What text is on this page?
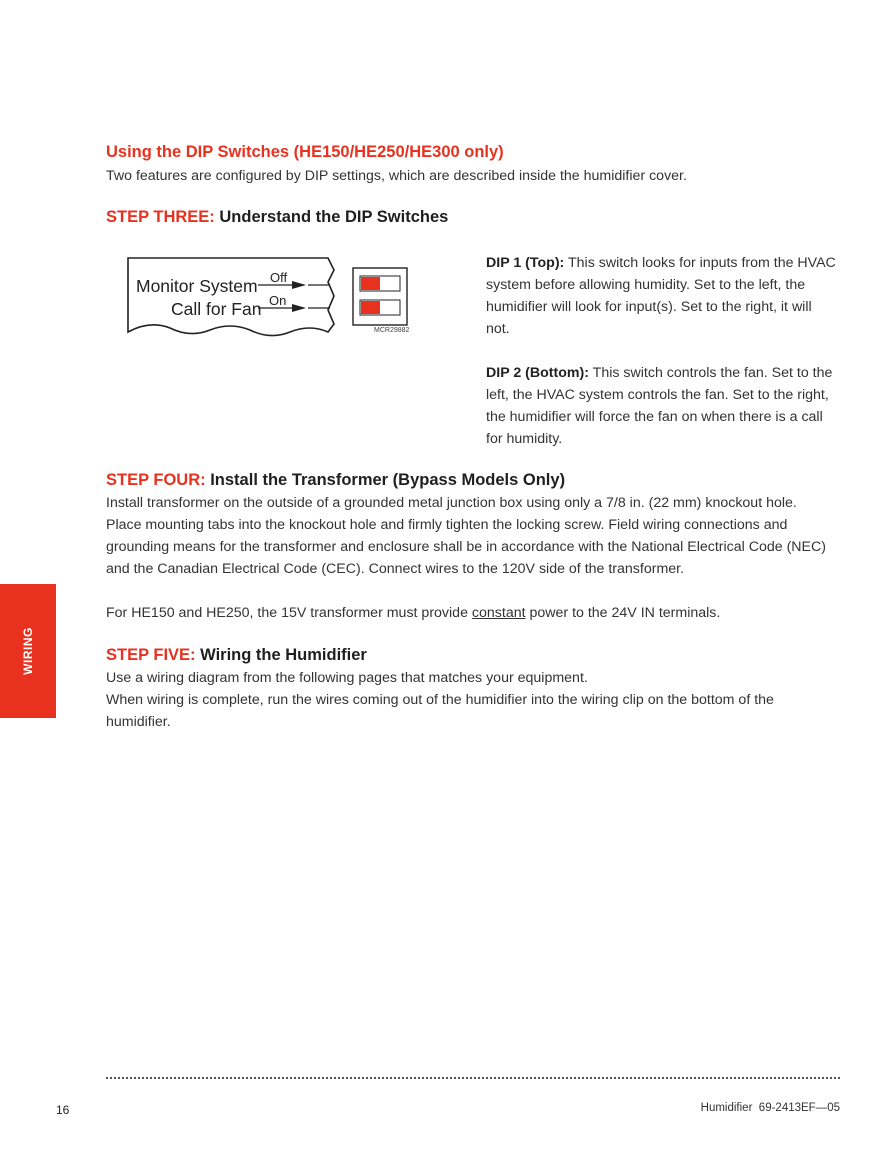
Using the DIP Switches (HE150/HE250/HE300 only)

Two features are configured by DIP settings, which are described inside the humidifier cover.

STEP THREE: Understand the DIP Switches
Monitor System
Call for Fan
Off
On
MCR29882

DIP 1 (Top): This switch looks for inputs from the HVAC system before allowing humidity. Set to the left, the humidifier will look for input(s). Set to the right, it will not.

DIP 2 (Bottom): This switch controls the fan. Set to the left, the HVAC system controls the fan. Set to the right, the humidifier will force the fan on when there is a call for humidity.

STEP FOUR: Install the Transformer (Bypass Models Only)

Install transformer on the outside of a grounded metal junction box using only a 7/8 in. (22 mm) knockout hole. Place mounting tabs into the knockout hole and firmly tighten the locking screw. Field wiring connections and grounding means for the transformer and enclosure shall be in accordance with the National Electrical Code (NEC) and the Canadian Electrical Code (CEC). Connect wires to the 120V side of the transformer.

For HE150 and HE250, the 15V transformer must provide constant power to the 24V IN terminals.

STEP FIVE: Wiring the Humidifier

Use a wiring diagram from the following pages that matches your equipment.

When wiring is complete, run the wires coming out of the humidifier into the wiring clip on the bottom of the humidifier.

WIRING
16	Humidifier 69-2413EF—05
